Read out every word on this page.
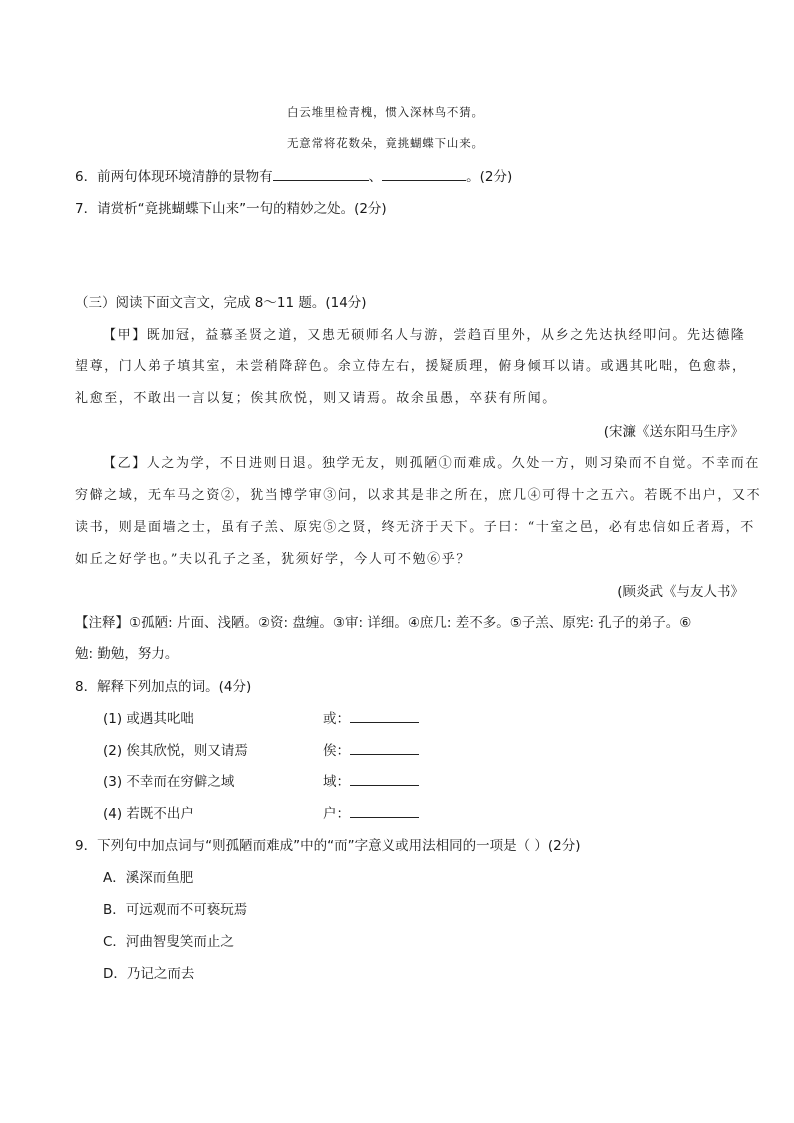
白云堆里检青槐，惯入深林鸟不猜。
无意常将花数朵，竟挑蝴蝶下山来。
6．前两句体现环境清静的景物有	、	。(2分)
7．请赏析“竟挑蝴蝶下山来”一句的精妙之处。(2分)
（三）阅读下面文言文，完成 8～11 题。(14分)
【甲】既加冠，益慕圣贤之道，又患无硕师名人与游，尝趋百里外，从乡之先达执经叩问。先达德隆
望尊，门人弟子填其室，未尝稍降辞色。余立侍左右，援疑质理，俯身倾耳以请。或遇其叱咄，色愈恭，
礼愈至，不敢出一言以复；俟其欣悦，则又请焉。故余虽愚，卒获有所闻。
(宋濂《送东阳马生序》
【乙】人之为学，不日进则日退。独学无友，则孤陋①而难成。久处一方，则习染而不自觉。不幸而在
穷僻之域，无车马之资②，犹当博学审③问，以求其是非之所在，庶几④可得十之五六。若既不出户，又不
读书，则是面墙之士，虽有子羔、原宪⑤之贤，终无济于天下。子曰：“十室之邑，必有忠信如丘者焉，不
如丘之好学也。”夫以孔子之圣，犹须好学，今人可不勉⑥乎？
(顾炎武《与友人书》
【注释】①孤陋: 片面、浅陋。②资: 盘缠。③审: 详细。④庶几: 差不多。⑤子羔、原宪: 孔子的弟子。⑥
勉: 勤勉，努力。
8．解释下列加点的词。(4分)
(1) 或遇其叱咄	或：
(2) 俟其欣悦，则又请焉	俟：
(3) 不幸而在穷僻之域	域：
(4) 若既不出户	户：
9．下列句中加点词与“则孤陋而难成”中的“而”字意义或用法相同的一项是（ ）(2分)
A．溪深而鱼肥
B．可远观而不可亵玩焉
C．河曲智叟笑而止之
D．乃记之而去
